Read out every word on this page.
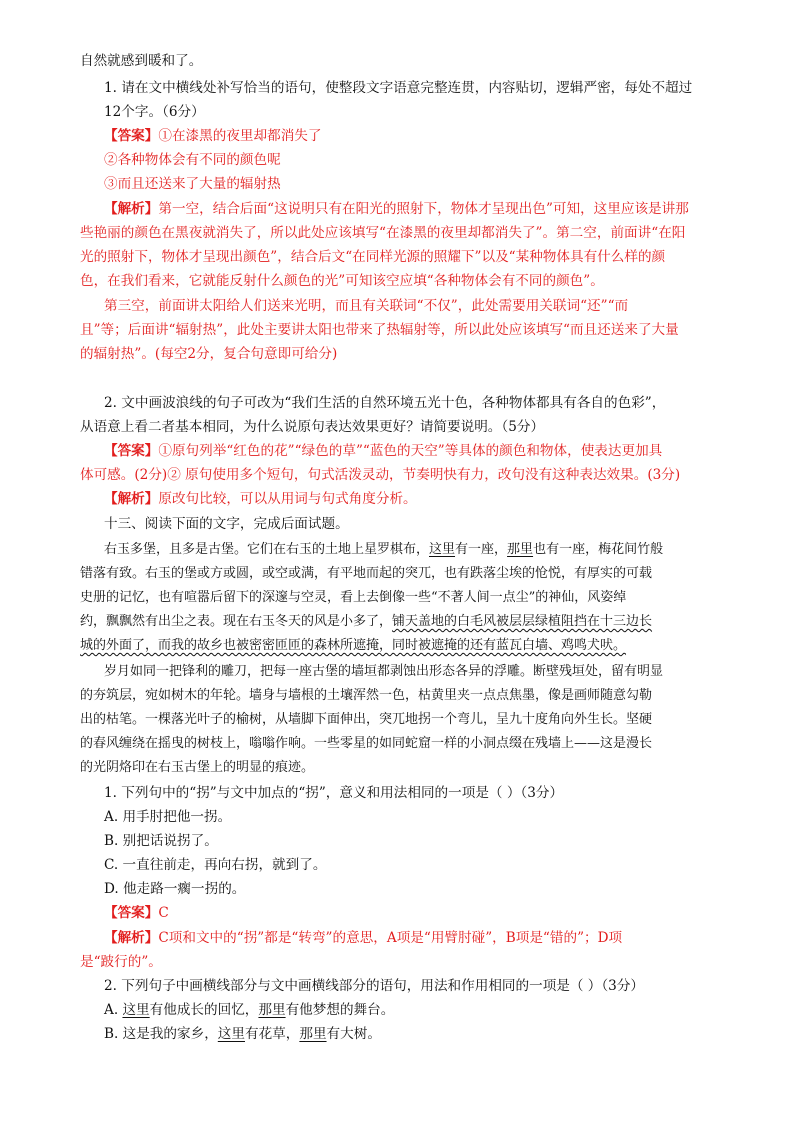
自然就感到暖和了。
1. 请在文中横线处补写恰当的语句，使整段文字语意完整连贯，内容贴切，逻辑严密，每处不超过
12个字。（6分）
【答案】①在漆黑的夜里却都消失了
②各种物体会有不同的颜色呢
③而且还送来了大量的辐射热
【解析】第一空，结合后面“这说明只有在阳光的照射下，物体才呈现出色”可知，这里应该是讲那
些艳丽的颜色在黑夜就消失了，所以此处应该填写“在漆黑的夜里却都消失了”。第二空，前面讲“在阳
光的照射下，物体才呈现出颜色”，结合后文“在同样光源的照耀下”以及“某种物体具有什么样的颜
色，在我们看来，它就能反射什么颜色的光”可知该空应填“各种物体会有不同的颜色”。
第三空，前面讲太阳给人们送来光明，而且有关联词“不仅”，此处需要用关联词“还”“而
且”等；后面讲“辐射热”，此处主要讲太阳也带来了热辐射等，所以此处应该填写“而且还送来了大量
的辐射热”。(每空2分，复合句意即可给分)
2. 文中画波浪线的句子可改为“我们生活的自然环境五光十色，各种物体都具有各自的色彩”，
从语意上看二者基本相同，为什么说原句表达效果更好？请简要说明。（5分）
【答案】①原句列举“红色的花”“绿色的草”“蓝色的天空”等具体的颜色和物体，使表达更加具
体可感。(2分)② 原句使用多个短句，句式活泼灵动，节奏明快有力，改句没有这种表达效果。(3分)
【解析】原改句比较，可以从用词与句式角度分析。
十三、阅读下面的文字，完成后面试题。
右玉多堡，且多是古堡。它们在右玉的土地上星罗棋布，这里有一座，那里也有一座，梅花间竹般
错落有致。右玉的堡或方或圆，或空或满，有平地而起的突兀，也有跌落尘埃的怆悦，有厚实的可载
史册的记忆，也有喧嚣后留下的深邃与空灵，看上去倒像一些“不著人间一点尘”的神仙，风姿绰
约，飘飘然有出尘之表。现在右玉冬天的风是小多了，铺天盖地的白毛风被层层绿植阻挡在十三边长
城的外面了，而我的故乡也被密密匝匝的森林所遮掩，同时被遮掩的还有蓝瓦白墙、鸡鸣犬吠。
岁月如同一把锋利的雕刀，把每一座古堡的墙垣都剥蚀出形态各异的浮雕。断壁残垣处，留有明显
的夯筑层，宛如树木的年轮。墙身与墙根的土壤浑然一色，枯黄里夹一点点焦墨，像是画师随意勾勒
出的枯笔。一棵落光叶子的榆树，从墙脚下面伸出，突兀地拐一个弯儿，呈九十度角向外生长。坚硬
的春风缠绕在摇曳的树枝上，嗡嗡作响。一些零星的如同蛇窟一样的小洞点缀在残墙上——这是漫长
的光阴烙印在右玉古堡上的明显的痕迹。
1. 下列句中的“拐”与文中加点的“拐”，意义和用法相同的一项是（ ）（3分）
A. 用手肘把他一拐。
B. 别把话说拐了。
C. 一直往前走，再向右拐，就到了。
D. 他走路一瘸一拐的。
【答案】C
【解析】C项和文中的“拐”都是“转弯”的意思，A项是“用臂肘碰”，B项是“错的”；D项
是“跛行的”。
2. 下列句子中画横线部分与文中画横线部分的语句，用法和作用相同的一项是（ ）（3分）
A. 这里有他成长的回忆，那里有他梦想的舞台。
B. 这是我的家乡，这里有花草，那里有大树。
